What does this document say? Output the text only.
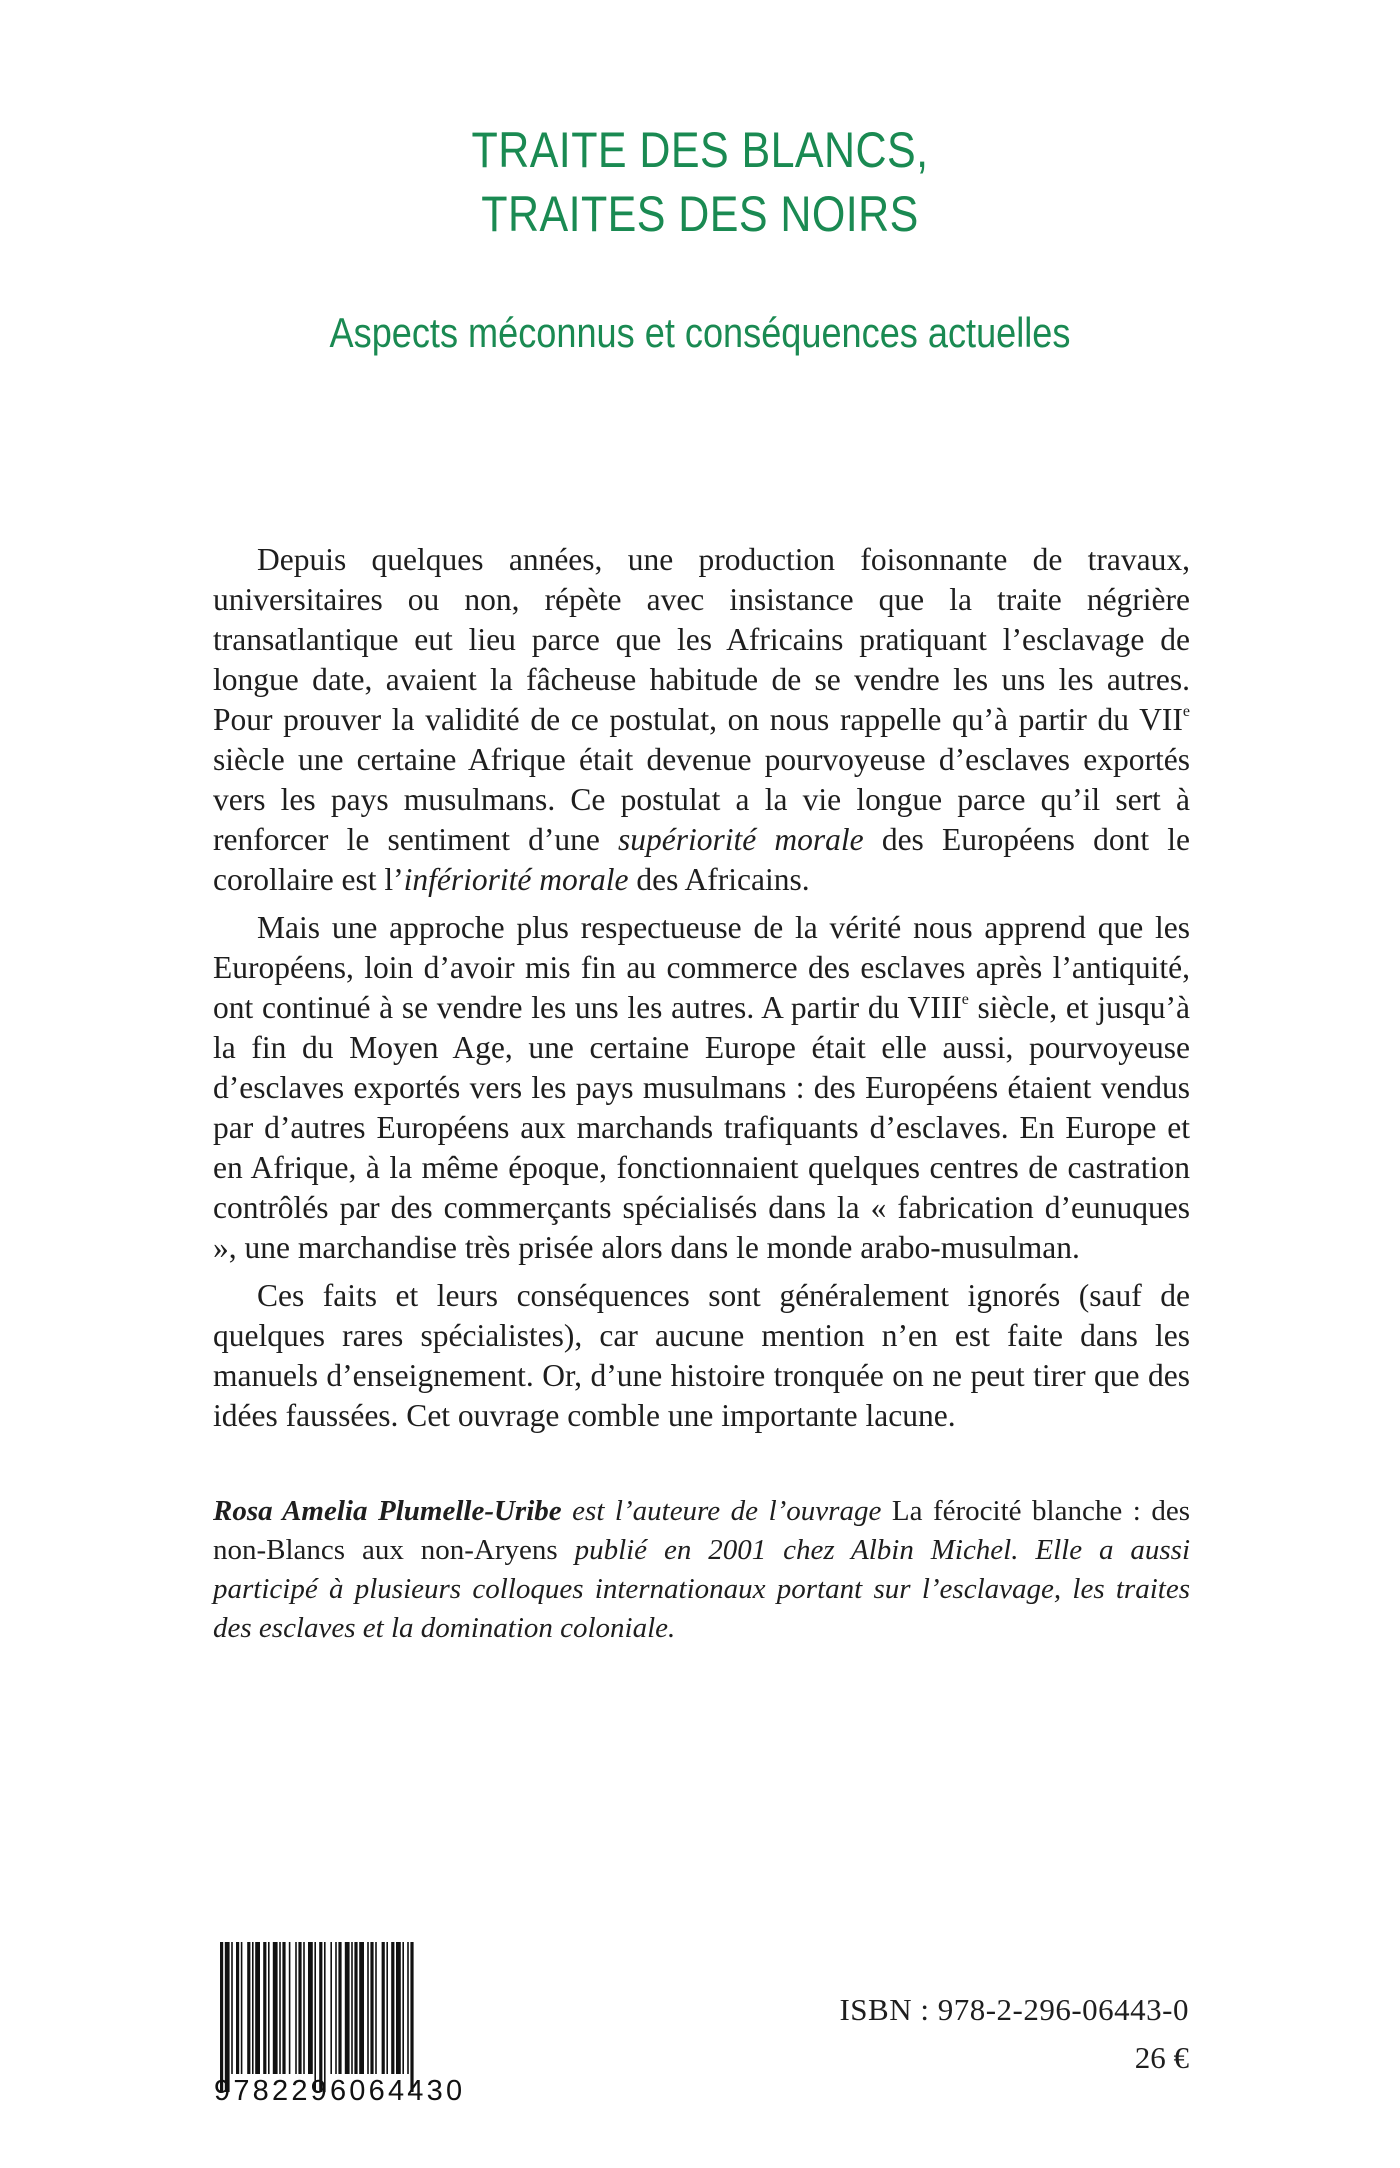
TRAITE DES BLANCS,
TRAITES DES NOIRS
Aspects méconnus et conséquences actuelles

Depuis quelques années, une production foisonnante de travaux, universitaires ou non, répète avec insistance que la traite négrière transatlantique eut lieu parce que les Africains pratiquant l’esclavage de longue date, avaient la fâcheuse habitude de se vendre les uns les autres. Pour prouver la validité de ce postulat, on nous rappelle qu’à partir du VIIe siècle une certaine Afrique était devenue pourvoyeuse d’esclaves exportés vers les pays musulmans. Ce postulat a la vie longue parce qu’il sert à renforcer le sentiment d’une supériorité morale des Européens dont le corollaire est l’infériorité morale des Africains.

Mais une approche plus respectueuse de la vérité nous apprend que les Européens, loin d’avoir mis fin au commerce des esclaves après l’antiquité, ont continué à se vendre les uns les autres. A partir du VIIIe siècle, et jusqu’à la fin du Moyen Age, une certaine Europe était elle aussi, pourvoyeuse d’esclaves exportés vers les pays musulmans : des Européens étaient vendus par d’autres Européens aux marchands trafiquants d’esclaves. En Europe et en Afrique, à la même époque, fonctionnaient quelques centres de castration contrôlés par des commerçants spécialisés dans la « fabrication d’eunuques », une marchandise très prisée alors dans le monde arabo-musulman.

Ces faits et leurs conséquences sont généralement ignorés (sauf de quelques rares spécialistes), car aucune mention n’en est faite dans les manuels d’enseignement. Or, d’une histoire tronquée on ne peut tirer que des idées faussées. Cet ouvrage comble une importante lacune.

Rosa Amelia Plumelle-Uribe est l’auteure de l’ouvrage La férocité blanche : des non-Blancs aux non-Aryens publié en 2001 chez Albin Michel. Elle a aussi participé à plusieurs colloques internationaux portant sur l’esclavage, les traites des esclaves et la domination coloniale.
9782296064430
ISBN : 978-2-296-06443-0
26 €
